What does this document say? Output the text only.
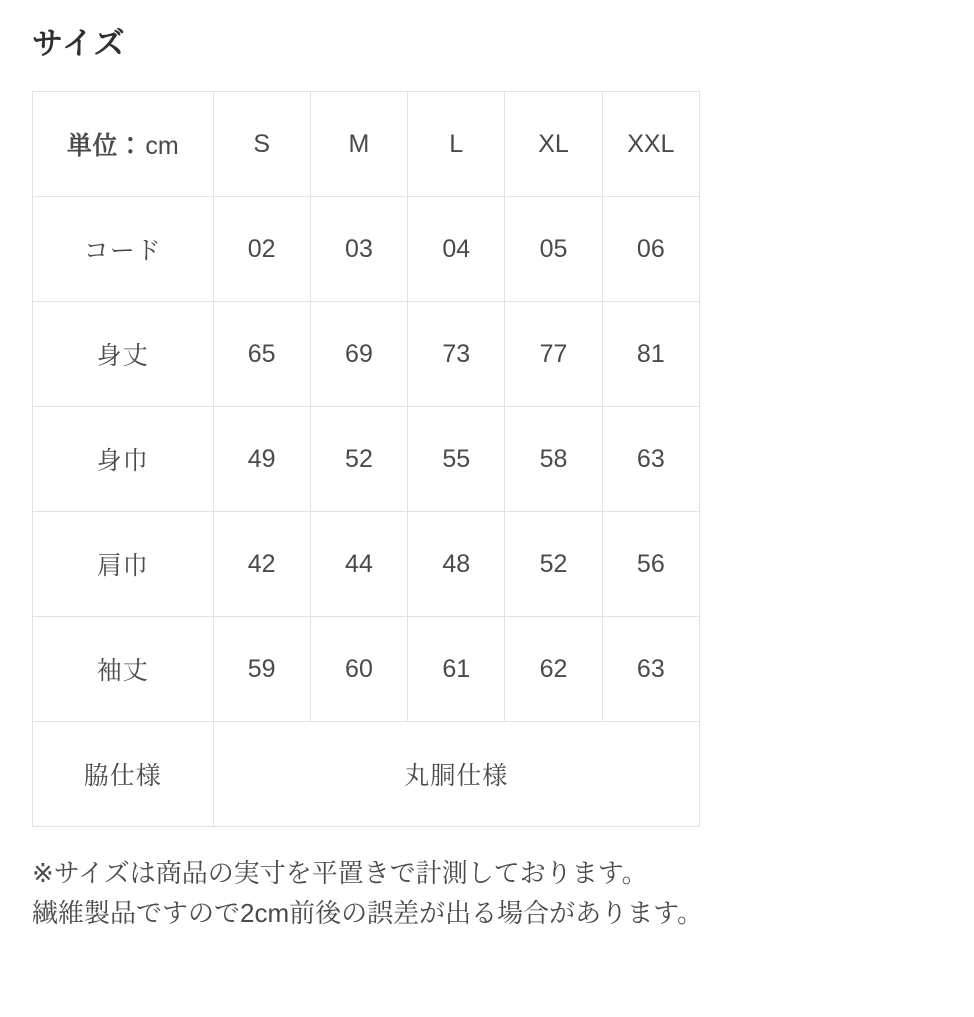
サイズ
単位：cm	S	M	L	XL	XXL
コード	02	03	04	05	06
身丈	65	69	73	77	81
身巾	49	52	55	58	63
肩巾	42	44	48	52	56
袖丈	59	60	61	62	63
脇仕様	丸胴仕様				
※サイズは商品の実寸を平置きで計測しております。
繊維製品ですので2cm前後の誤差が出る場合があります。
